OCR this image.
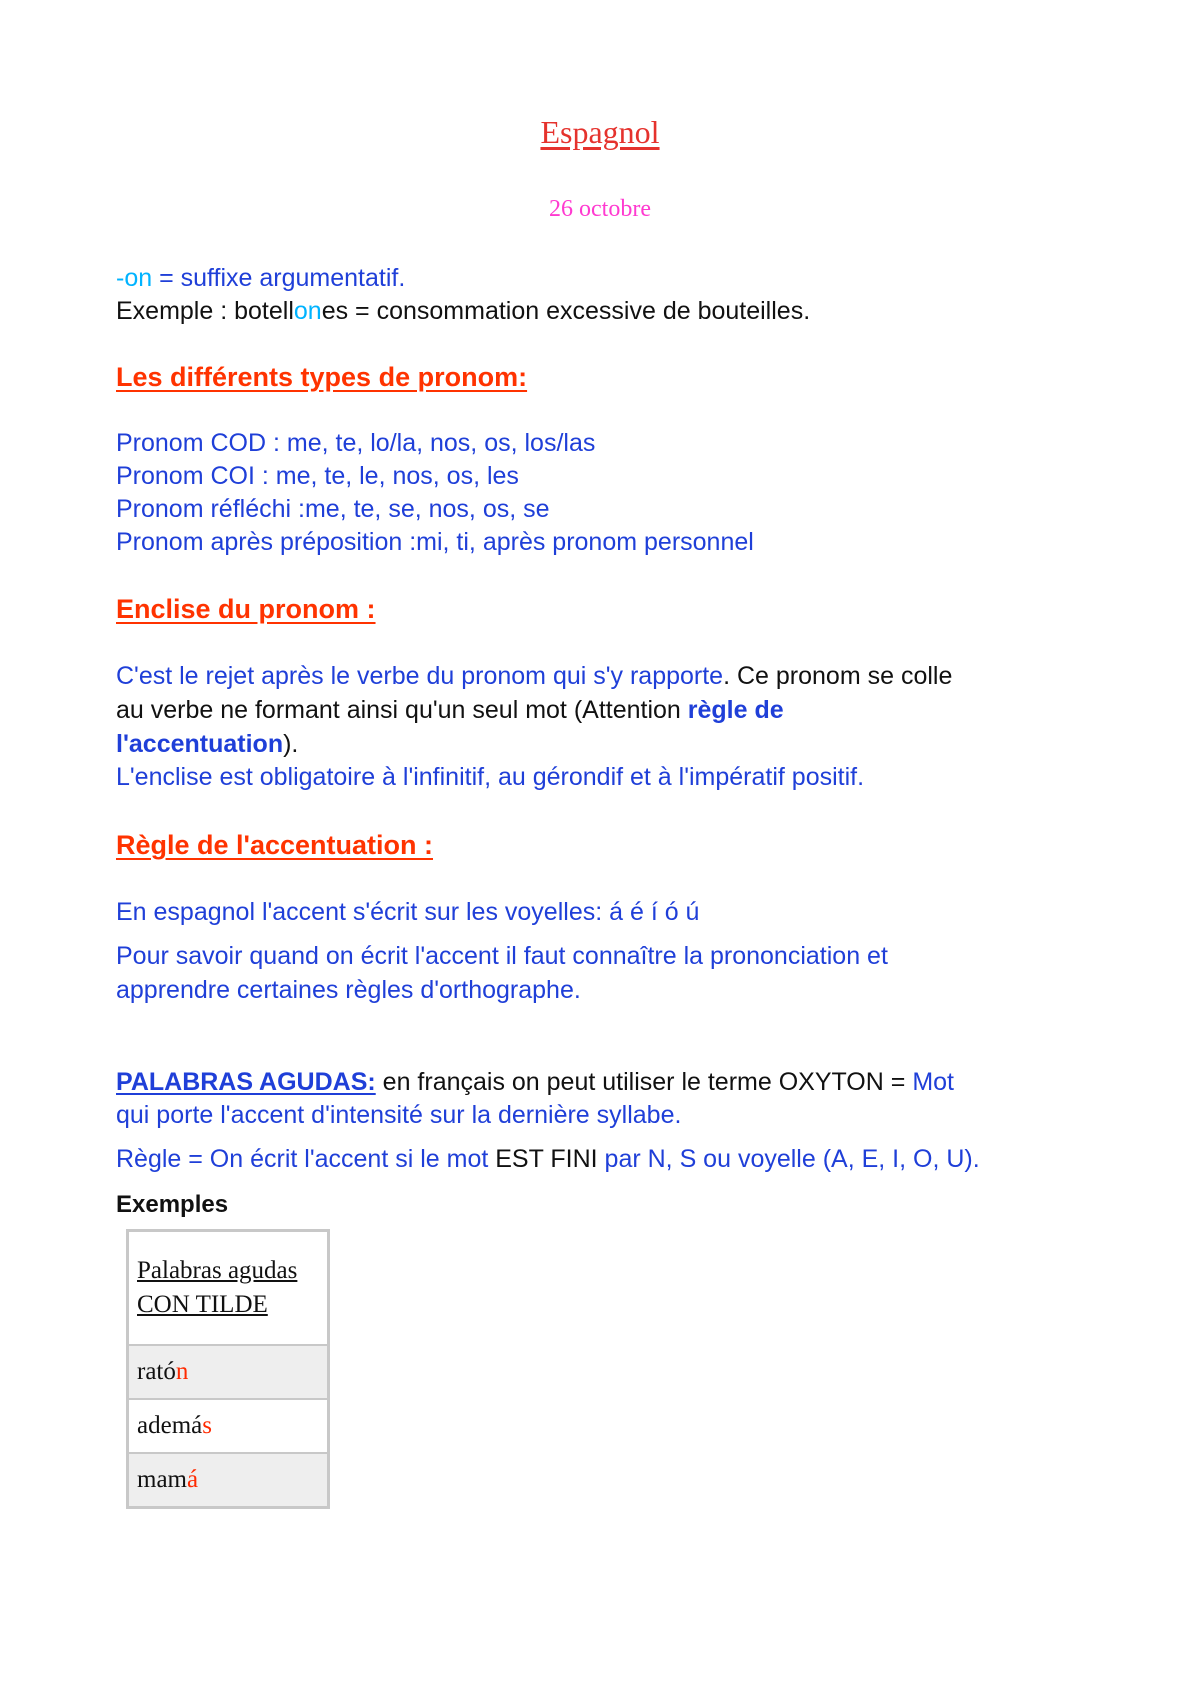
Espagnol
26 octobre
-on = suffixe argumentatif.
Exemple : botellones = consommation excessive de bouteilles.
Les différents types de pronom:
Pronom COD : me, te, lo/la, nos, os, los/las
Pronom COI : me, te, le, nos, os, les
Pronom réfléchi :me, te, se, nos, os, se
Pronom après préposition :mi, ti, après pronom personnel
Enclise du pronom :
C'est le rejet après le verbe du pronom qui s'y rapporte. Ce pronom se colle
au verbe ne formant ainsi qu'un seul mot (Attention règle de
l'accentuation).
L'enclise est obligatoire à l'infinitif, au gérondif et à l'impératif positif.
Règle de l'accentuation :
En espagnol l'accent s'écrit sur les voyelles: á é í ó ú
Pour savoir quand on écrit l'accent il faut connaître la prononciation et
apprendre certaines règles d'orthographe.
PALABRAS AGUDAS: en français on peut utiliser le terme OXYTON = Mot
qui porte l'accent d'intensité sur la dernière syllabe.
Règle = On écrit l'accent si le mot EST FINI par N, S ou voyelle (A, E, I, O, U).
Exemples
Palabras agudas
CON TILDE

ratón
además
mamá
